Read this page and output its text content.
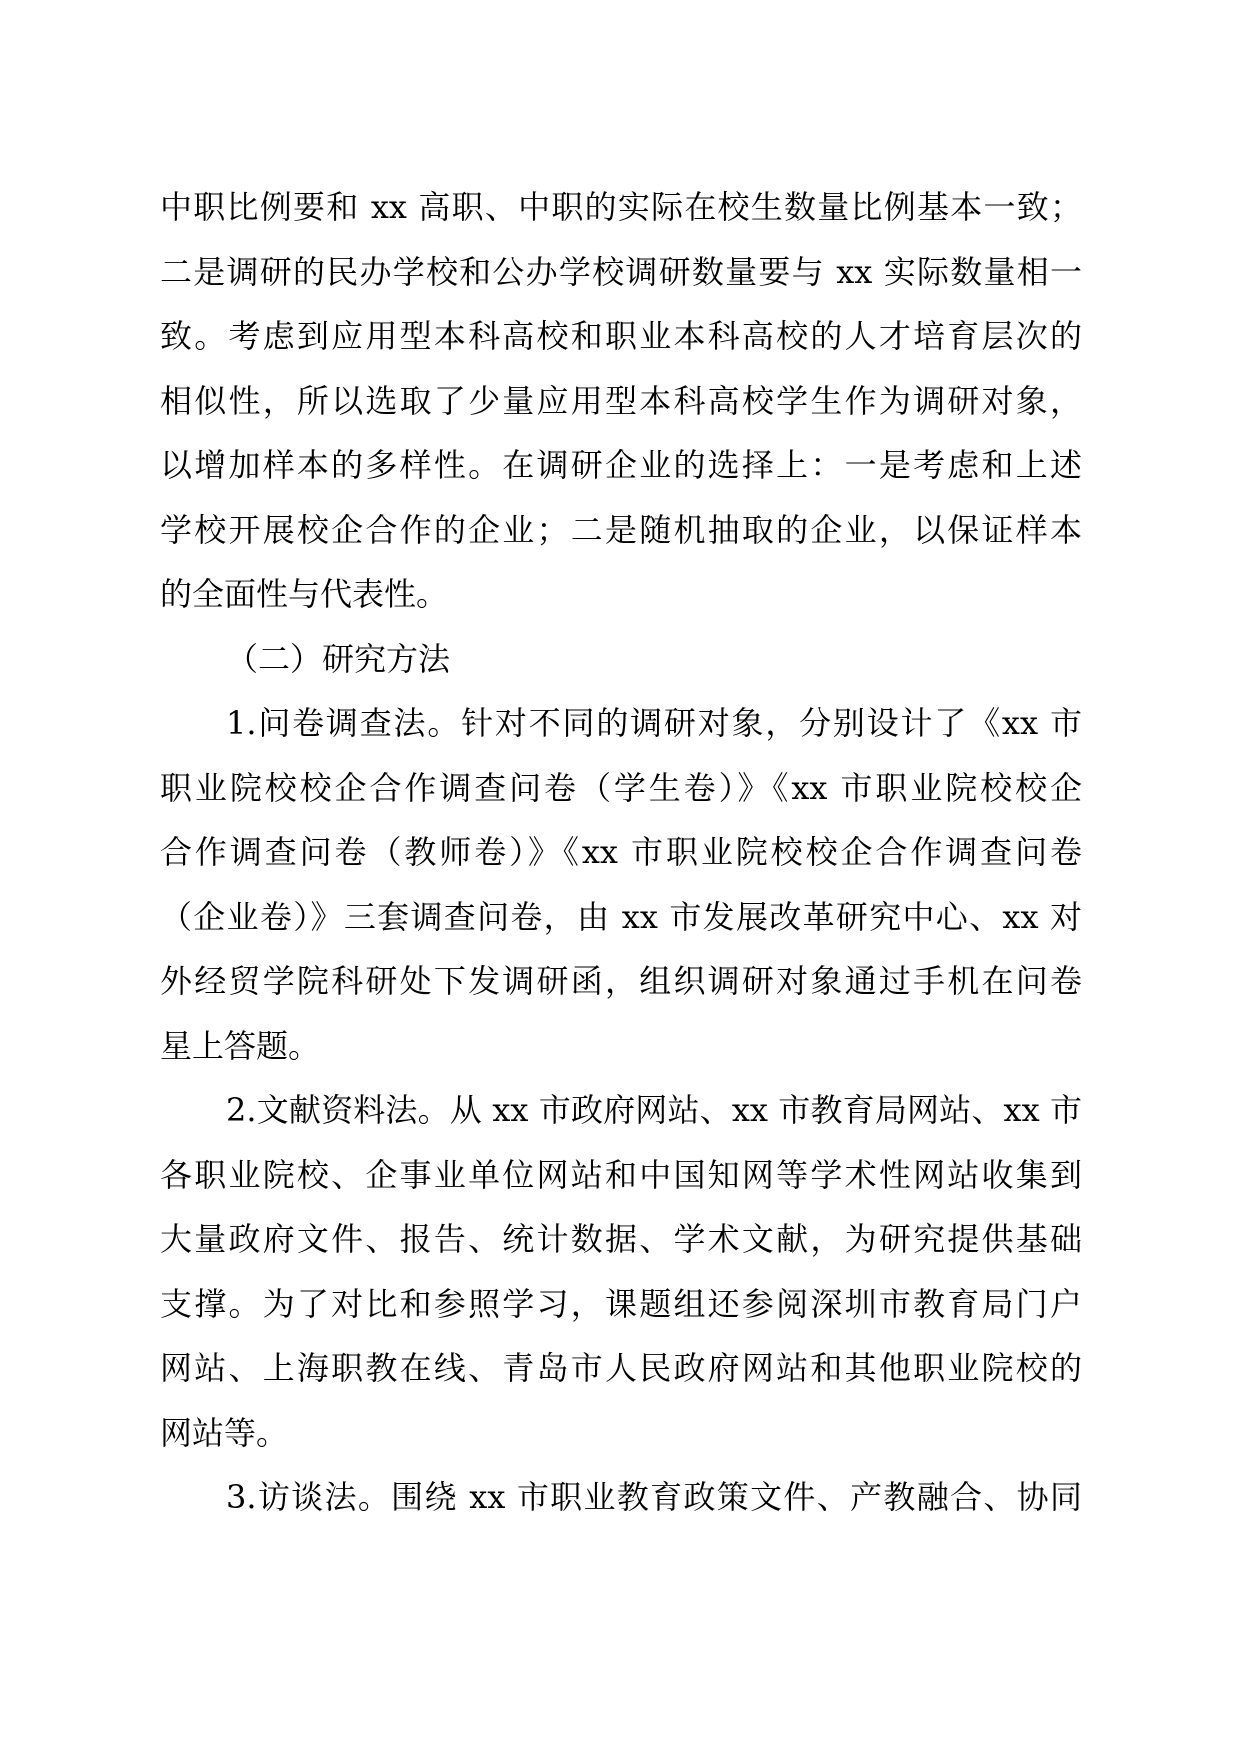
中职比例要和 xx 高职、中职的实际在校生数量比例基本一致；
二是调研的民办学校和公办学校调研数量要与 xx 实际数量相一
致。考虑到应用型本科高校和职业本科高校的人才培育层次的
相似性，所以选取了少量应用型本科高校学生作为调研对象，
以增加样本的多样性。在调研企业的选择上：一是考虑和上述
学校开展校企合作的企业；二是随机抽取的企业，以保证样本
的全面性与代表性。
（二）研究方法
1.问卷调查法。针对不同的调研对象，分别设计了《xx 市
职业院校校企合作调查问卷（学生卷）》《xx 市职业院校校企
合作调查问卷（教师卷）》《xx 市职业院校校企合作调查问卷
（企业卷）》三套调查问卷，由 xx 市发展改革研究中心、xx 对
外经贸学院科研处下发调研函，组织调研对象通过手机在问卷
星上答题。
2.文献资料法。从 xx 市政府网站、xx 市教育局网站、xx 市
各职业院校、企事业单位网站和中国知网等学术性网站收集到
大量政府文件、报告、统计数据、学术文献，为研究提供基础
支撑。为了对比和参照学习，课题组还参阅深圳市教育局门户
网站、上海职教在线、青岛市人民政府网站和其他职业院校的
网站等。
3.访谈法。围绕 xx 市职业教育政策文件、产教融合、协同
